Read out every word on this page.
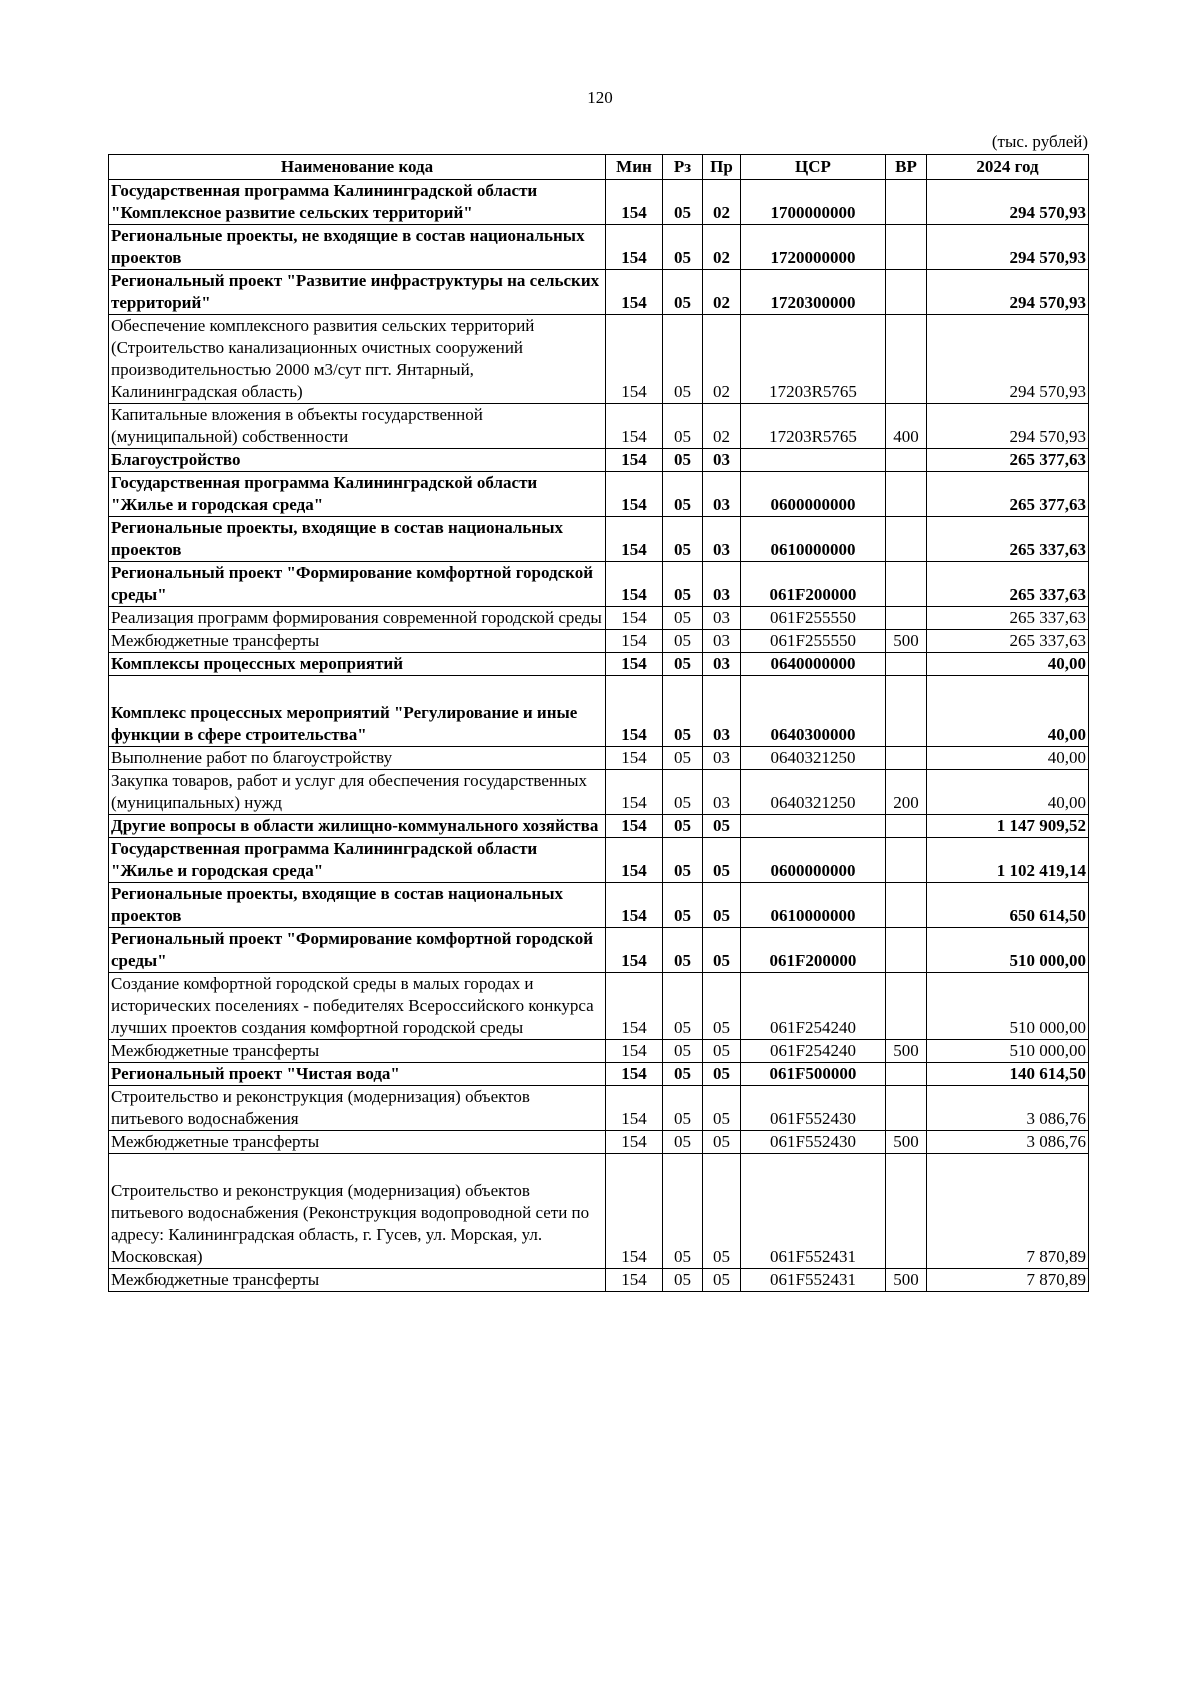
120
(тыс. рублей)
Наименование кода	Мин	Рз	Пр	ЦСР	ВР	2024 год
Государственная программа Калининградской области "Комплексное развитие сельских территорий"	154	05	02	1700000000		294 570,93
Региональные проекты, не входящие в состав национальных проектов	154	05	02	1720000000		294 570,93
Региональный проект "Развитие инфраструктуры на сельских территорий"	154	05	02	1720300000		294 570,93
Обеспечение комплексного развития сельских территорий (Строительство канализационных очистных сооружений производительностью 2000 м3/сут пгт. Янтарный, Калининградская область)	154	05	02	17203R5765		294 570,93
Капитальные вложения в объекты государственной (муниципальной) собственности	154	05	02	17203R5765	400	294 570,93
Благоустройство	154	05	03			265 377,63
Государственная программа Калининградской области "Жилье и городская среда"	154	05	03	0600000000		265 377,63
Региональные проекты, входящие в состав национальных проектов	154	05	03	0610000000		265 337,63
Региональный проект "Формирование комфортной городской среды"	154	05	03	061F200000		265 337,63
Реализация программ формирования современной городской среды	154	05	03	061F255550		265 337,63
Межбюджетные трансферты	154	05	03	061F255550	500	265 337,63
Комплексы процессных мероприятий	154	05	03	0640000000		40,00
Комплекс процессных мероприятий "Регулирование и иные функции в сфере строительства"	154	05	03	0640300000		40,00
Выполнение работ по благоустройству	154	05	03	0640321250		40,00
Закупка товаров, работ и услуг для обеспечения государственных (муниципальных) нужд	154	05	03	0640321250	200	40,00
Другие вопросы в области жилищно-коммунального хозяйства	154	05	05			1 147 909,52
Государственная программа Калининградской области "Жилье и городская среда"	154	05	05	0600000000		1 102 419,14
Региональные проекты, входящие в состав национальных проектов	154	05	05	0610000000		650 614,50
Региональный проект "Формирование комфортной городской среды"	154	05	05	061F200000		510 000,00
Создание комфортной городской среды в малых городах и исторических поселениях - победителях Всероссийского конкурса лучших проектов создания комфортной городской среды	154	05	05	061F254240		510 000,00
Межбюджетные трансферты	154	05	05	061F254240	500	510 000,00
Региональный проект "Чистая вода"	154	05	05	061F500000		140 614,50
Строительство и реконструкция (модернизация) объектов питьевого водоснабжения	154	05	05	061F552430		3 086,76
Межбюджетные трансферты	154	05	05	061F552430	500	3 086,76
Строительство и реконструкция (модернизация) объектов питьевого водоснабжения (Реконструкция водопроводной сети по адресу: Калининградская область, г. Гусев, ул. Морская, ул. Московская)	154	05	05	061F552431		7 870,89
Межбюджетные трансферты	154	05	05	061F552431	500	7 870,89
